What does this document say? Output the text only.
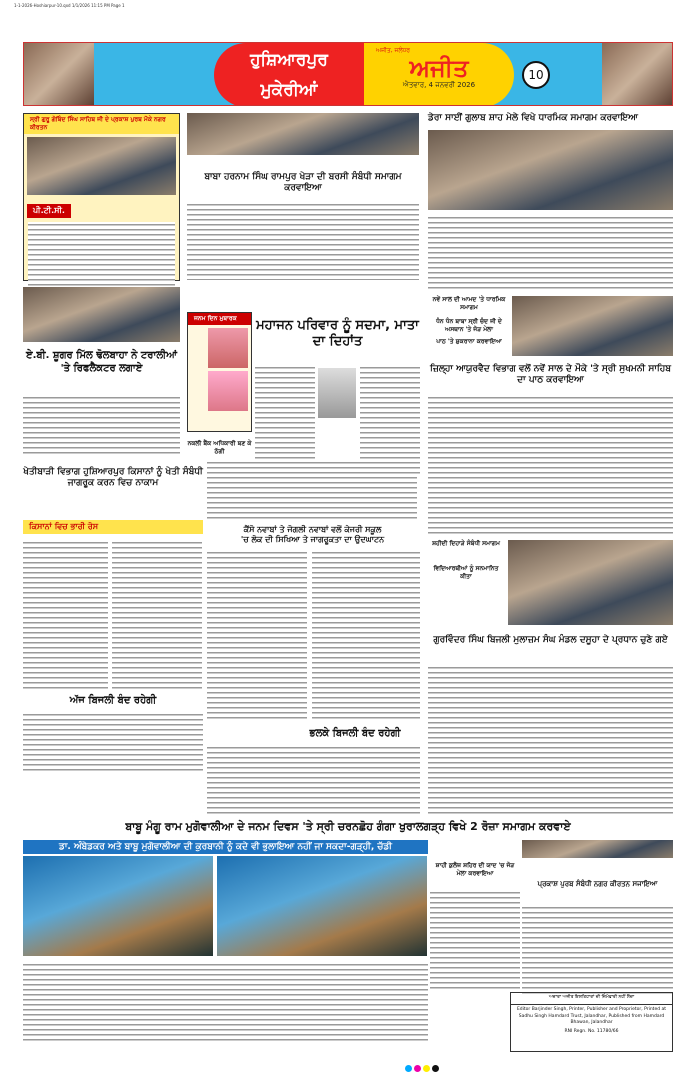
1-1-2026-Hoshiarpur-10.qxd 1/1/2026 11:15 PM Page 1
ਹੁਸ਼ਿਆਰਪੁਰ
ਮੁਕੇਰੀਆਂ
ਅਜੀਤ, ਜਲੰਧਰ
ਅਜੀਤ
ਐਤਵਾਰ, 4 ਜਨਵਰੀ 2026
10
ਸ੍ਰੀ ਗੁਰੂ ਗੋਬਿੰਦ ਸਿੰਘ ਸਾਹਿਬ ਜੀ ਦੇ ਪ੍ਰਕਾਸ਼ ਪੁਰਬ ਮੌਕੇ ਨਗਰ ਕੀਰਤਨ
ਪੀ.ਟੀ.ਸੀ.
ਏ.ਬੀ. ਸ਼ੂਗਰ ਮਿੱਲ ਢੋਲਬਾਹਾ ਨੇ ਟਰਾਲੀਆਂ 'ਤੇ ਰਿਫਲੈਕਟਰ ਲਗਾਏ
ਬਾਬਾ ਹਰਨਾਮ ਸਿੰਘ ਰਾਮਪੁਰ ਖੇੜਾ ਦੀ ਬਰਸੀ ਸੰਬੰਧੀ ਸਮਾਗਮ ਕਰਵਾਇਆ
ਜਨਮ ਦਿਨ ਮੁਬਾਰਕ	ਮਹਾਜਨ ਪਰਿਵਾਰ ਨੂੰ ਸਦਮਾ, ਮਾਤਾ ਦਾ ਦਿਹਾਂਤ
ਖੇਤੀਬਾੜੀ ਵਿਭਾਗ ਹੁਸ਼ਿਆਰਪੁਰ ਕਿਸਾਨਾਂ ਨੂੰ ਖੇਤੀ ਸੰਬੰਧੀ ਜਾਗਰੂਕ ਕਰਨ ਵਿਚ ਨਾਕਾਮ
ਕਿਸਾਨਾਂ ਵਿਚ ਭਾਰੀ ਰੋਸ
ਅੱਜ ਬਿਜਲੀ ਬੰਦ ਰਹੇਗੀ
ਨਕਲੀ ਬੈਂਕ ਅਧਿਕਾਰੀ ਬਣ ਕੇ ਠੱਗੀ
ਕੈਂਸੋ ਨਵਾਬਾਂ ਤੇ ਜੋਗਲੀ ਨਵਾਬਾਂ ਵਲੋਂ ਕੇਜਰੀ ਸਕੂਲ
'ਚ ਲੋਕ ਦੀ ਸਿਖਿਆ ਤੇ ਜਾਗਰੂਕਤਾ ਦਾ ਉਦਘਾਟਨ
ਭਲਕੇ ਬਿਜਲੀ ਬੰਦ ਰਹੇਗੀ
ਡੇਰਾ ਸਾਈਂ ਗੁਲਾਬ ਸ਼ਾਹ ਮੇਲੇ ਵਿਖੇ ਧਾਰਮਿਕ ਸਮਾਗਮ ਕਰਵਾਇਆ
ਨਵੇਂ ਸਾਲ ਦੀ ਆਮਦ 'ਤੇ ਧਾਰਮਿਕ ਸਮਾਗਮ
ਧੰਨ ਧੰਨ ਬਾਬਾ ਸ੍ਰੀ ਚੰਦ ਜੀ ਦੇ ਅਸਥਾਨ 'ਤੇ ਜੋੜ ਮੇਲਾ
ਪਾਠ 'ਤੇ ਸ਼ੁਕਰਾਨਾ ਕਰਵਾਇਆ
ਜ਼ਿਲ੍ਹਾ ਆਯੁਰਵੈਦ ਵਿਭਾਗ ਵਲੋਂ ਨਵੇਂ ਸਾਲ ਦੇ ਮੌਕੇ 'ਤੇ ਸ੍ਰੀ ਸੁਖਮਨੀ ਸਾਹਿਬ ਦਾ ਪਾਠ ਕਰਵਾਇਆ
ਸ਼ਹੀਦੀ ਦਿਹਾੜੇ ਸੰਬੰਧੀ ਸਮਾਗਮ
ਵਿਦਿਆਰਥੀਆਂ ਨੂੰ ਸਨਮਾਨਿਤ ਕੀਤਾ
ਗੁਰਵਿੰਦਰ ਸਿੰਘ ਬਿਜਲੀ ਮੁਲਾਜ਼ਮ ਸੰਘ ਮੰਡਲ ਦਸੂਹਾ ਦੇ ਪ੍ਰਧਾਨ ਚੁਣੇ ਗਏ
ਬਾਬੂ ਮੰਗੂ ਰਾਮ ਮੁਗੋਵਾਲੀਆ ਦੇ ਜਨਮ ਦਿਵਸ 'ਤੇ ਸ੍ਰੀ ਚਰਨਛੋਹ ਗੰਗਾ ਖੁਰਾਲਗੜ੍ਹ ਵਿਖੇ 2 ਰੋਜ਼ਾ ਸਮਾਗਮ ਕਰਵਾਏ
ਡਾ. ਅੰਬੇਡਕਰ ਅਤੇ ਬਾਬੂ ਮੁਗੋਵਾਲੀਆ ਦੀ ਕੁਰਬਾਨੀ ਨੂੰ ਕਦੇ ਵੀ ਭੁਲਾਇਆ ਨਹੀਂ ਜਾ ਸਕਦਾ-ਗੜ੍ਹੀ, ਚੱਡੀ
ਸ਼ਾਹੀ ਕੁਲੋਜ਼ ਸ਼ਹਿਰ ਦੀ ਯਾਦ 'ਚ ਜੋੜ ਮੇਲਾ ਕਰਵਾਇਆ
ਪ੍ਰਕਾਸ਼ ਪੁਰਬ ਸੰਬੰਧੀ ਨਗਰ ਕੀਰਤਨ ਸਜਾਇਆ
ਅਦਾਰਾ ਅਜੀਤ ਇਸ਼ਤਿਹਾਰਾਂ ਦੀ ਜ਼ਿੰਮੇਵਾਰੀ ਨਹੀਂ ਲੈਂਦਾ
Editor Barjinder Singh, Printer, Publisher and Proprietor, Printed at Sadhu Singh Hamdard Trust, Jalandhar, Published from Hamdard Bhawan, Jalandhar
RNI Regn. No. 11780/66
